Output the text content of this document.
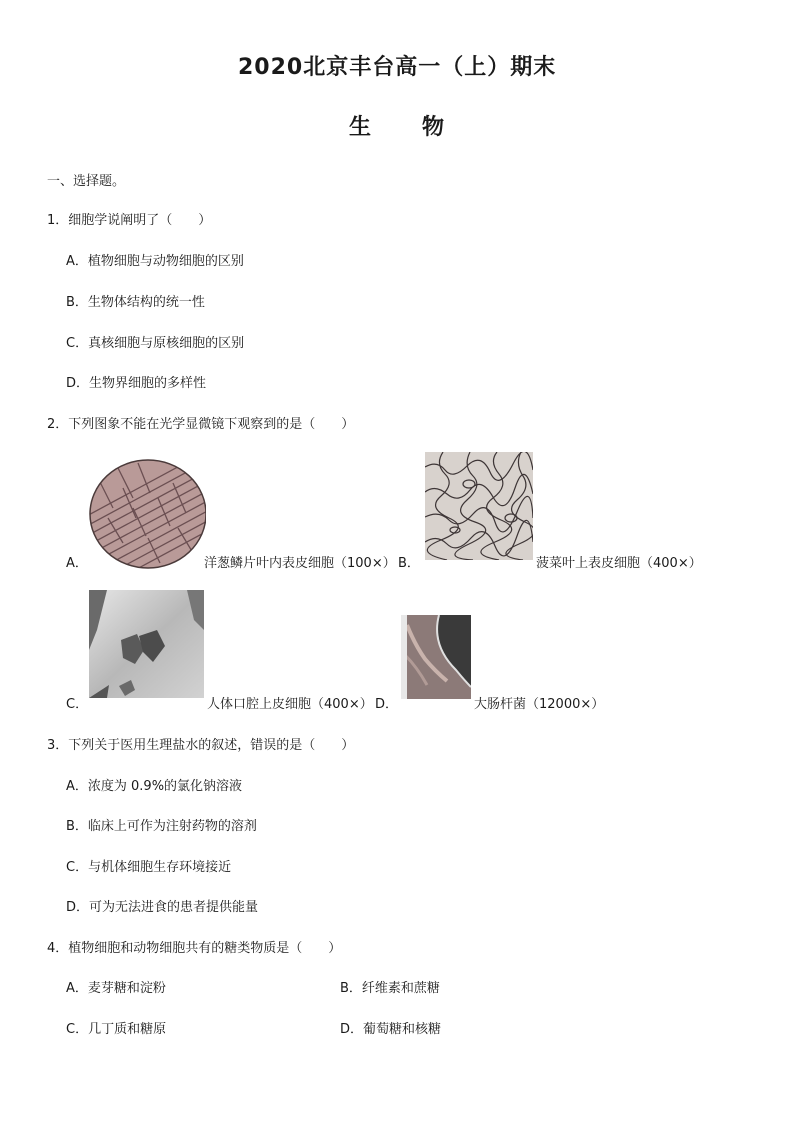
2020北京丰台高一（上）期末
生 物
一、选择题。
1．细胞学说阐明了（　　）
A．植物细胞与动物细胞的区别
B．生物体结构的统一性
C．真核细胞与原核细胞的区别
D．生物界细胞的多样性
2．下列图象不能在光学显微镜下观察到的是（　　）
A．	洋葱鳞片叶内表皮细胞（100×） B．	菠菜叶上表皮细胞（400×）
C．	人体口腔上皮细胞（400×） D．	大肠杆菌（12000×）
3．下列关于医用生理盐水的叙述，错误的是（　　）
A．浓度为 0.9%的氯化钠溶液
B．临床上可作为注射药物的溶剂
C．与机体细胞生存环境接近
D．可为无法进食的患者提供能量
4．植物细胞和动物细胞共有的糖类物质是（　　）
A．麦芽糖和淀粉	B．纤维素和蔗糖
C．几丁质和糖原	D．葡萄糖和核糖
